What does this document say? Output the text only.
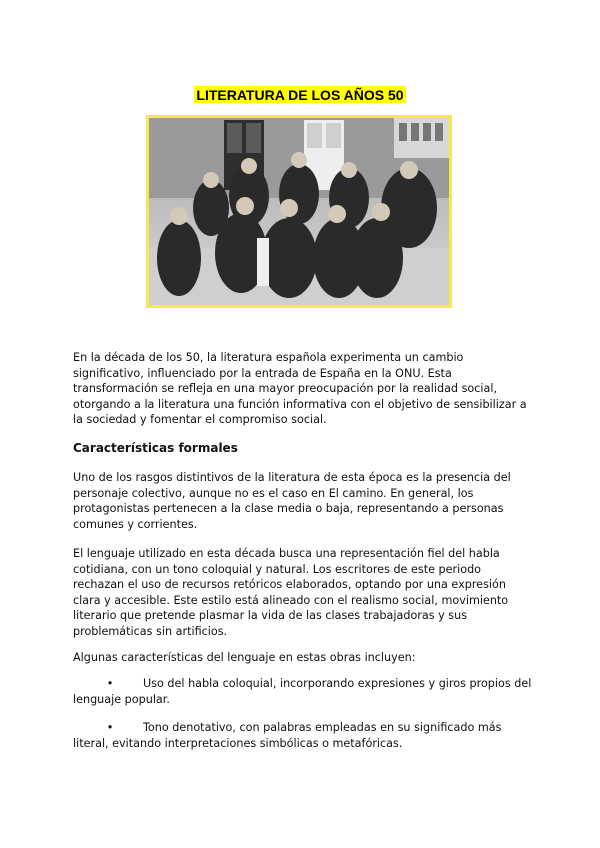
LITERATURA DE LOS AÑOS 50

En la década de los 50, la literatura española experimenta un cambio significativo, influenciado por la entrada de España en la ONU. Esta transformación se refleja en una mayor preocupación por la realidad social, otorgando a la literatura una función informativa con el objetivo de sensibilizar a la sociedad y fomentar el compromiso social.

Características formales

Uno de los rasgos distintivos de la literatura de esta época es la presencia del personaje colectivo, aunque no es el caso en El camino. En general, los protagonistas pertenecen a la clase media o baja, representando a personas comunes y corrientes.

El lenguaje utilizado en esta década busca una representación fiel del habla cotidiana, con un tono coloquial y natural. Los escritores de este periodo rechazan el uso de recursos retóricos elaborados, optando por una expresión clara y accesible. Este estilo está alineado con el realismo social, movimiento literario que pretende plasmar la vida de las clases trabajadoras y sus problemáticas sin artificios.

Algunas características del lenguaje en estas obras incluyen:

•	Uso del habla coloquial, incorporando expresiones y giros propios del lenguaje popular.

•	Tono denotativo, con palabras empleadas en su significado más literal, evitando interpretaciones simbólicas o metafóricas.
